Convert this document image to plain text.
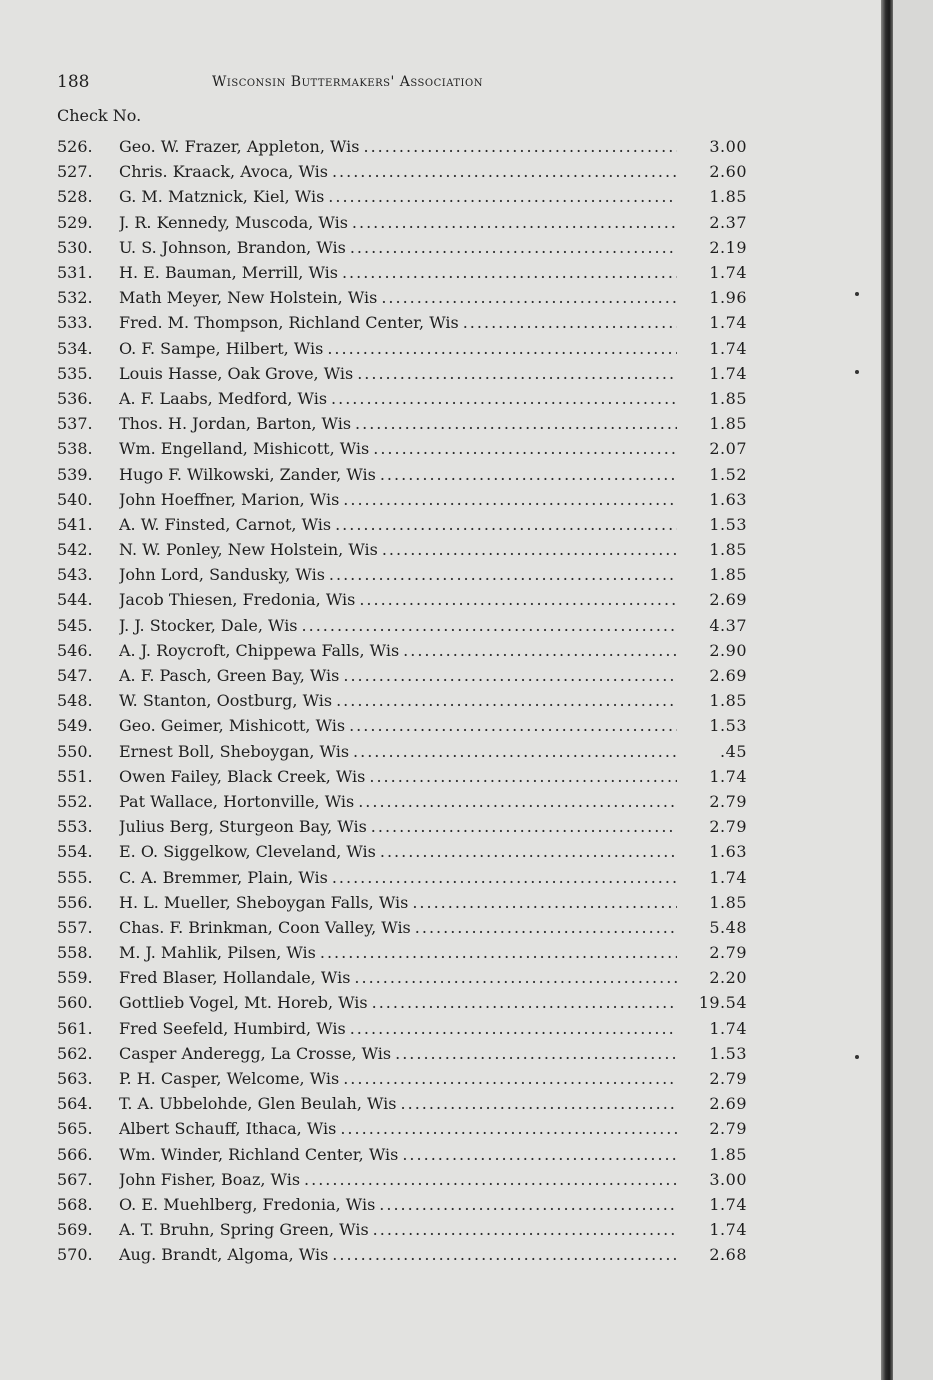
188	Wisconsin Buttermakers' Association
Check No.
526.	Geo. W. Frazer, Appleton, Wis .....	3.00
527.	Chris. Kraack, Avoca, Wis .....	2.60
528.	G. M. Matznick, Kiel, Wis .....	1.85
529.	J. R. Kennedy, Muscoda, Wis .....	2.37
530.	U. S. Johnson, Brandon, Wis .....	2.19
531.	H. E. Bauman, Merrill, Wis .....	1.74
532.	Math Meyer, New Holstein, Wis .....	1.96
533.	Fred. M. Thompson, Richland Center, Wis .....	1.74
534.	O. F. Sampe, Hilbert, Wis .....	1.74
535.	Louis Hasse, Oak Grove, Wis .....	1.74
536.	A. F. Laabs, Medford, Wis .....	1.85
537.	Thos. H. Jordan, Barton, Wis .....	1.85
538.	Wm. Engelland, Mishicott, Wis .....	2.07
539.	Hugo F. Wilkowski, Zander, Wis .....	1.52
540.	John Hoeffner, Marion, Wis .....	1.63
541.	A. W. Finsted, Carnot, Wis .....	1.53
542.	N. W. Ponley, New Holstein, Wis .....	1.85
543.	John Lord, Sandusky, Wis .....	1.85
544.	Jacob Thiesen, Fredonia, Wis .....	2.69
545.	J. J. Stocker, Dale, Wis .....	4.37
546.	A. J. Roycroft, Chippewa Falls, Wis .....	2.90
547.	A. F. Pasch, Green Bay, Wis .....	2.69
548.	W. Stanton, Oostburg, Wis .....	1.85
549.	Geo. Geimer, Mishicott, Wis .....	1.53
550.	Ernest Boll, Sheboygan, Wis .....	.45
551.	Owen Failey, Black Creek, Wis .....	1.74
552.	Pat Wallace, Hortonville, Wis .....	2.79
553.	Julius Berg, Sturgeon Bay, Wis .....	2.79
554.	E. O. Siggelkow, Cleveland, Wis .....	1.63
555.	C. A. Bremmer, Plain, Wis .....	1.74
556.	H. L. Mueller, Sheboygan Falls, Wis .....	1.85
557.	Chas. F. Brinkman, Coon Valley, Wis .....	5.48
558.	M. J. Mahlik, Pilsen, Wis .....	2.79
559.	Fred Blaser, Hollandale, Wis .....	2.20
560.	Gottlieb Vogel, Mt. Horeb, Wis .....	19.54
561.	Fred Seefeld, Humbird, Wis .....	1.74
562.	Casper Anderegg, La Crosse, Wis .....	1.53
563.	P. H. Casper, Welcome, Wis .....	2.79
564.	T. A. Ubbelohde, Glen Beulah, Wis .....	2.69
565.	Albert Schauff, Ithaca, Wis .....	2.79
566.	Wm. Winder, Richland Center, Wis .....	1.85
567.	John Fisher, Boaz, Wis .....	3.00
568.	O. E. Muehlberg, Fredonia, Wis .....	1.74
569.	A. T. Bruhn, Spring Green, Wis .....	1.74
570.	Aug. Brandt, Algoma, Wis .....	2.68
